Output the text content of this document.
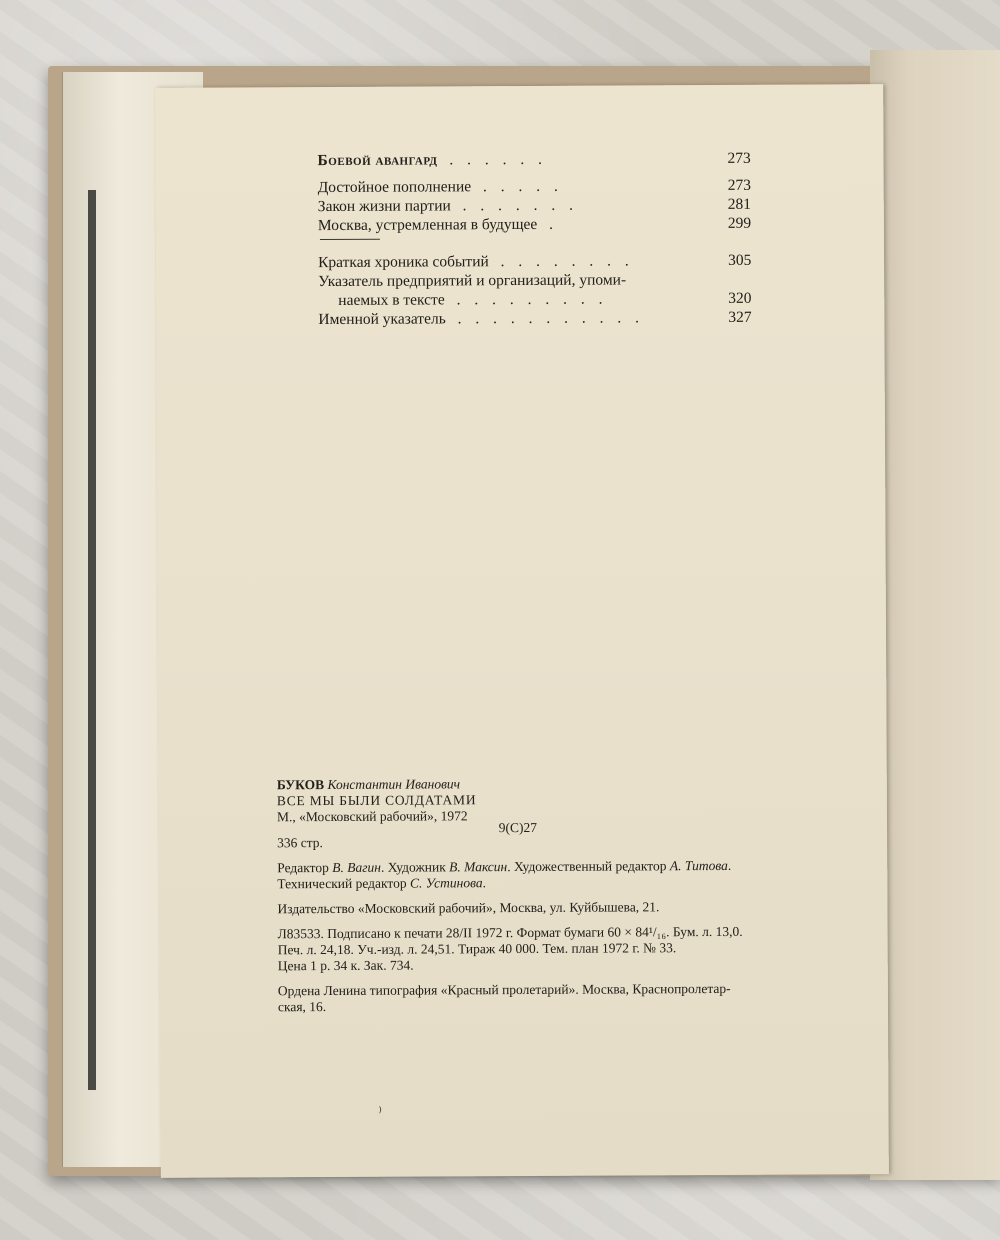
Боевой авангард . . . . . .	273
Достойное пополнение . . . . .	273
Закон жизни партии . . . . . . .	281
Москва, устремленная в будущее .	299
Краткая хроника событий . . . . . . . .	305
Указатель предприятий и организаций, упоми-
наемых в тексте . . . . . . . . .	320
Именной указатель . . . . . . . . . . .	327
БУКОВ Константин Иванович
ВСЕ МЫ БЫЛИ СОЛДАТАМИ
М., «Московский рабочий», 1972
336 стр.
9(С)27
Редактор В. Вагин. Художник В. Максин. Художественный редактор А. Титова.
Технический редактор С. Устинова.
Издательство «Московский рабочий», Москва, ул. Куйбышева, 21.
Л83533. Подписано к печати 28/II 1972 г. Формат бумаги 60 × 84¹/₁₆. Бум. л. 13,0.
Печ. л. 24,18. Уч.-изд. л. 24,51. Тираж 40 000. Тем. план 1972 г. № 33.
Цена 1 р. 34 к. Зак. 734.
Ордена Ленина типография «Красный пролетарий». Москва, Краснопролетар-
ская, 16.
⁾
